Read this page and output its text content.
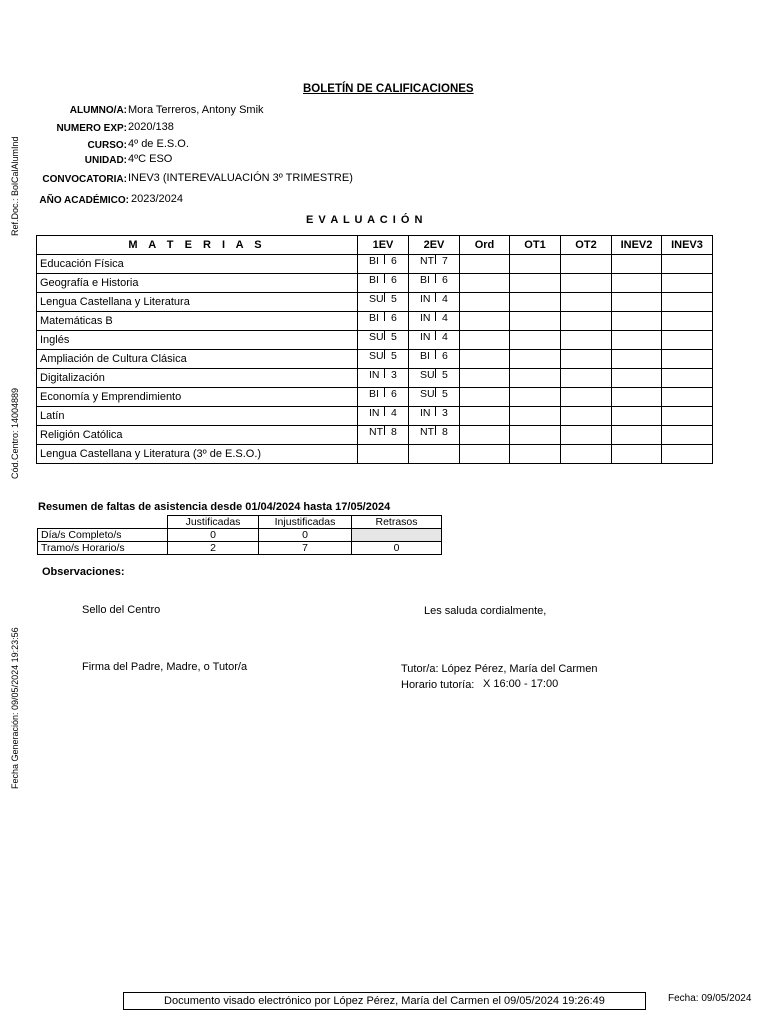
Ref.Doc.: BolCalAlumInd
Cód.Centro: 14004889
Fecha Generación: 09/05/2024 19:23:56
BOLETÍN DE CALIFICACIONES
ALUMNO/A: Mora Terreros, Antony Smik
NUMERO EXP: 2020/138
CURSO: 4º de E.S.O.
UNIDAD: 4ºC ESO
CONVOCATORIA: INEV3 (INTEREVALUACIÓN 3º TRIMESTRE)
AÑO ACADÉMICO: 2023/2024
E V A L U A C I Ó N
M A T E R I A S	1EV	2EV	Ord	OT1	OT2	INEV2	INEV3
Educación Física	BI 6	NT 7					

Geografía e Historia	BI 6	BI 6					

Lengua Castellana y Literatura	SU 5	IN 4					

Matemáticas B	BI 6	IN 4					

Inglés	SU 5	IN 4					

Ampliación de Cultura Clásica	SU 5	BI 6					

Digitalización	IN 3	SU 5					

Economía y Emprendimiento	BI 6	SU 5					

Latín	IN 4	IN 3					

Religión Católica	NT 8	NT 8					

Lengua Castellana y Literatura (3º de E.S.O.)							
Resumen de faltas de asistencia desde 01/04/2024 hasta 17/05/2024
	Justificadas	Injustificadas	Retrasos
Día/s Completo/s	0	0	
Tramo/s Horario/s	2	7	0
Observaciones:
Sello del Centro	Les saluda cordialmente,
Firma del Padre, Madre, o Tutor/a	Tutor/a: López Pérez, María del Carmen
Horario tutoría: X 16:00 - 17:00
Documento visado electrónico por López Pérez, María del Carmen el 09/05/2024 19:26:49	Fecha: 09/05/2024
